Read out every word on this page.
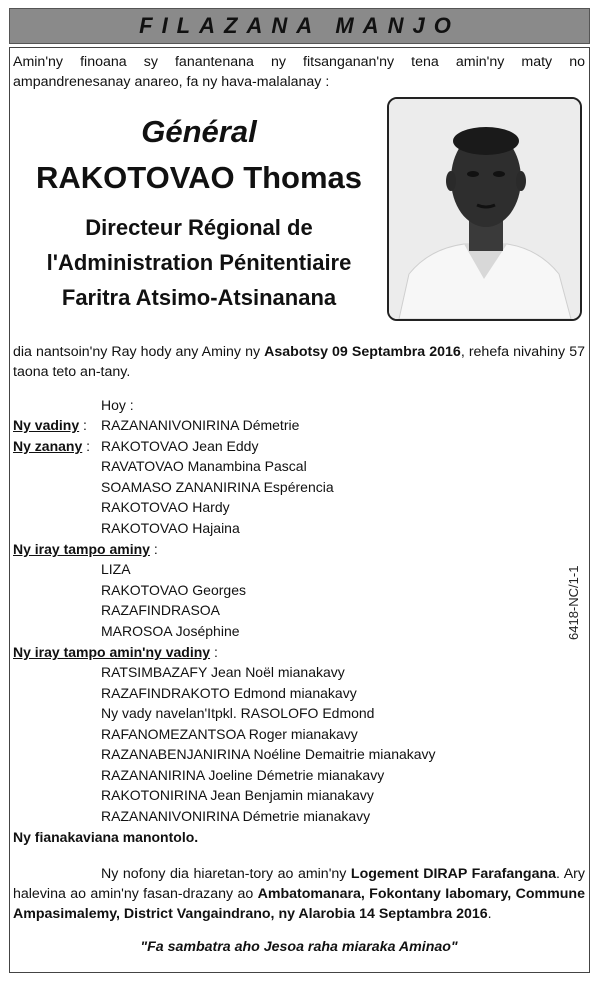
FILAZANA MANJO
Amin'ny finoana sy fanantenana ny fitsanganan'ny tena amin'ny maty no ampandrenesanay anareo, fa ny hava-malalanay :
Général
RAKOTOVAO Thomas
Directeur Régional de
l'Administration Pénitentiaire
Faritra Atsimo-Atsinanana
dia nantsoin'ny Ray hody any Aminy ny Asabotsy 09 Septambra 2016, rehefa nivahiny 57 taona teto an-tany.
Hoy :
Ny vadiny : RAZANANIVONIRINA Démetrie
Ny zanany : RAKOTOVAO Jean Eddy
RAVATOVAO Manambina Pascal
SOAMASO ZANANIRINA Espérencia
RAKOTOVAO Hardy
RAKOTOVAO Hajaina
Ny iray tampo aminy :
LIZA
RAKOTOVAO Georges
RAZAFINDRASOA
MAROSOA Joséphine
Ny iray tampo amin'ny vadiny :
RATSIMBAZAFY Jean Noël mianakavy
RAZAFINDRAKOTO Edmond mianakavy
Ny vady navelan'Itpkl. RASOLOFO Edmond
RAFANOMEZANTSOA Roger mianakavy
RAZANABENJANIRINA Noéline Demaitrie mianakavy
RAZANANIRINA Joeline Démetrie mianakavy
RAKOTONIRINA Jean Benjamin mianakavy
RAZANANIVONIRINA Démetrie mianakavy
Ny fianakaviana manontolo.
Ny nofony dia hiaretan-tory ao amin'ny Logement DIRAP Farafangana. Ary halevina ao amin'ny fasan-drazany ao Ambatomanara, Fokontany Iabomary, Commune Ampasimalemy, District Vangaindrano, ny Alarobia 14 Septambra 2016.
"Fa sambatra aho Jesoa raha miaraka Aminao"
6418-NC/1-1
